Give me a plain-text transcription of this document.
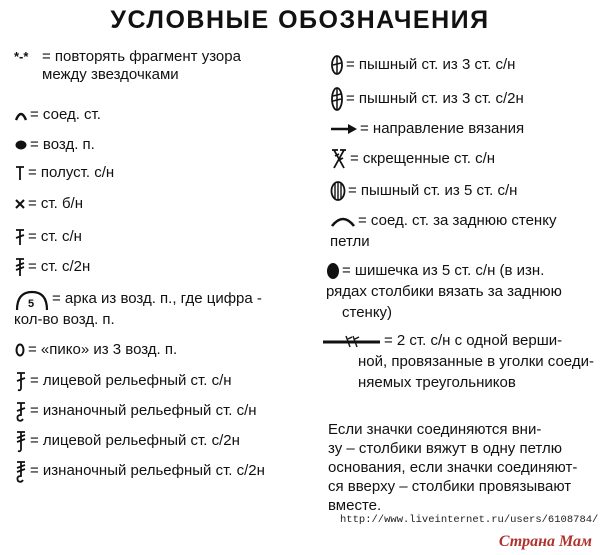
УСЛОВНЫЕ ОБОЗНАЧЕНИЯ
*-* = повторять фрагмент узора
между звездочками
= соед. ст.
= возд. п.
= полуст. с/н
= ст. б/н
= ст. с/н
= ст. с/2н
5 = арка из возд. п., где цифра -
кол-во возд. п.
= «пико» из 3 возд. п.
= лицевой рельефный ст. с/н
= изнаночный рельефный ст. с/н
= лицевой рельефный ст. с/2н
= изнаночный рельефный ст. с/2н
= пышный ст. из 3 ст. с/н
= пышный ст. из 3 ст. с/2н
= направление вязания
= скрещенные ст. с/н
= пышный ст. из 5 ст. с/н
= соед. ст. за заднюю стенку
петли
= шишечка из 5 ст. с/н (в изн.
рядах столбики вязать за заднюю
стенку)
= 2 ст. с/н с одной верши-
ной, провязанные в уголки соеди-
няемых треугольников
Если значки соединяются вни-
зу – столбики вяжут в одну петлю
основания, если значки соединяют-
ся вверху – столбики провязывают
вместе.
http://www.liveinternet.ru/users/6108784/
Страна Мам
